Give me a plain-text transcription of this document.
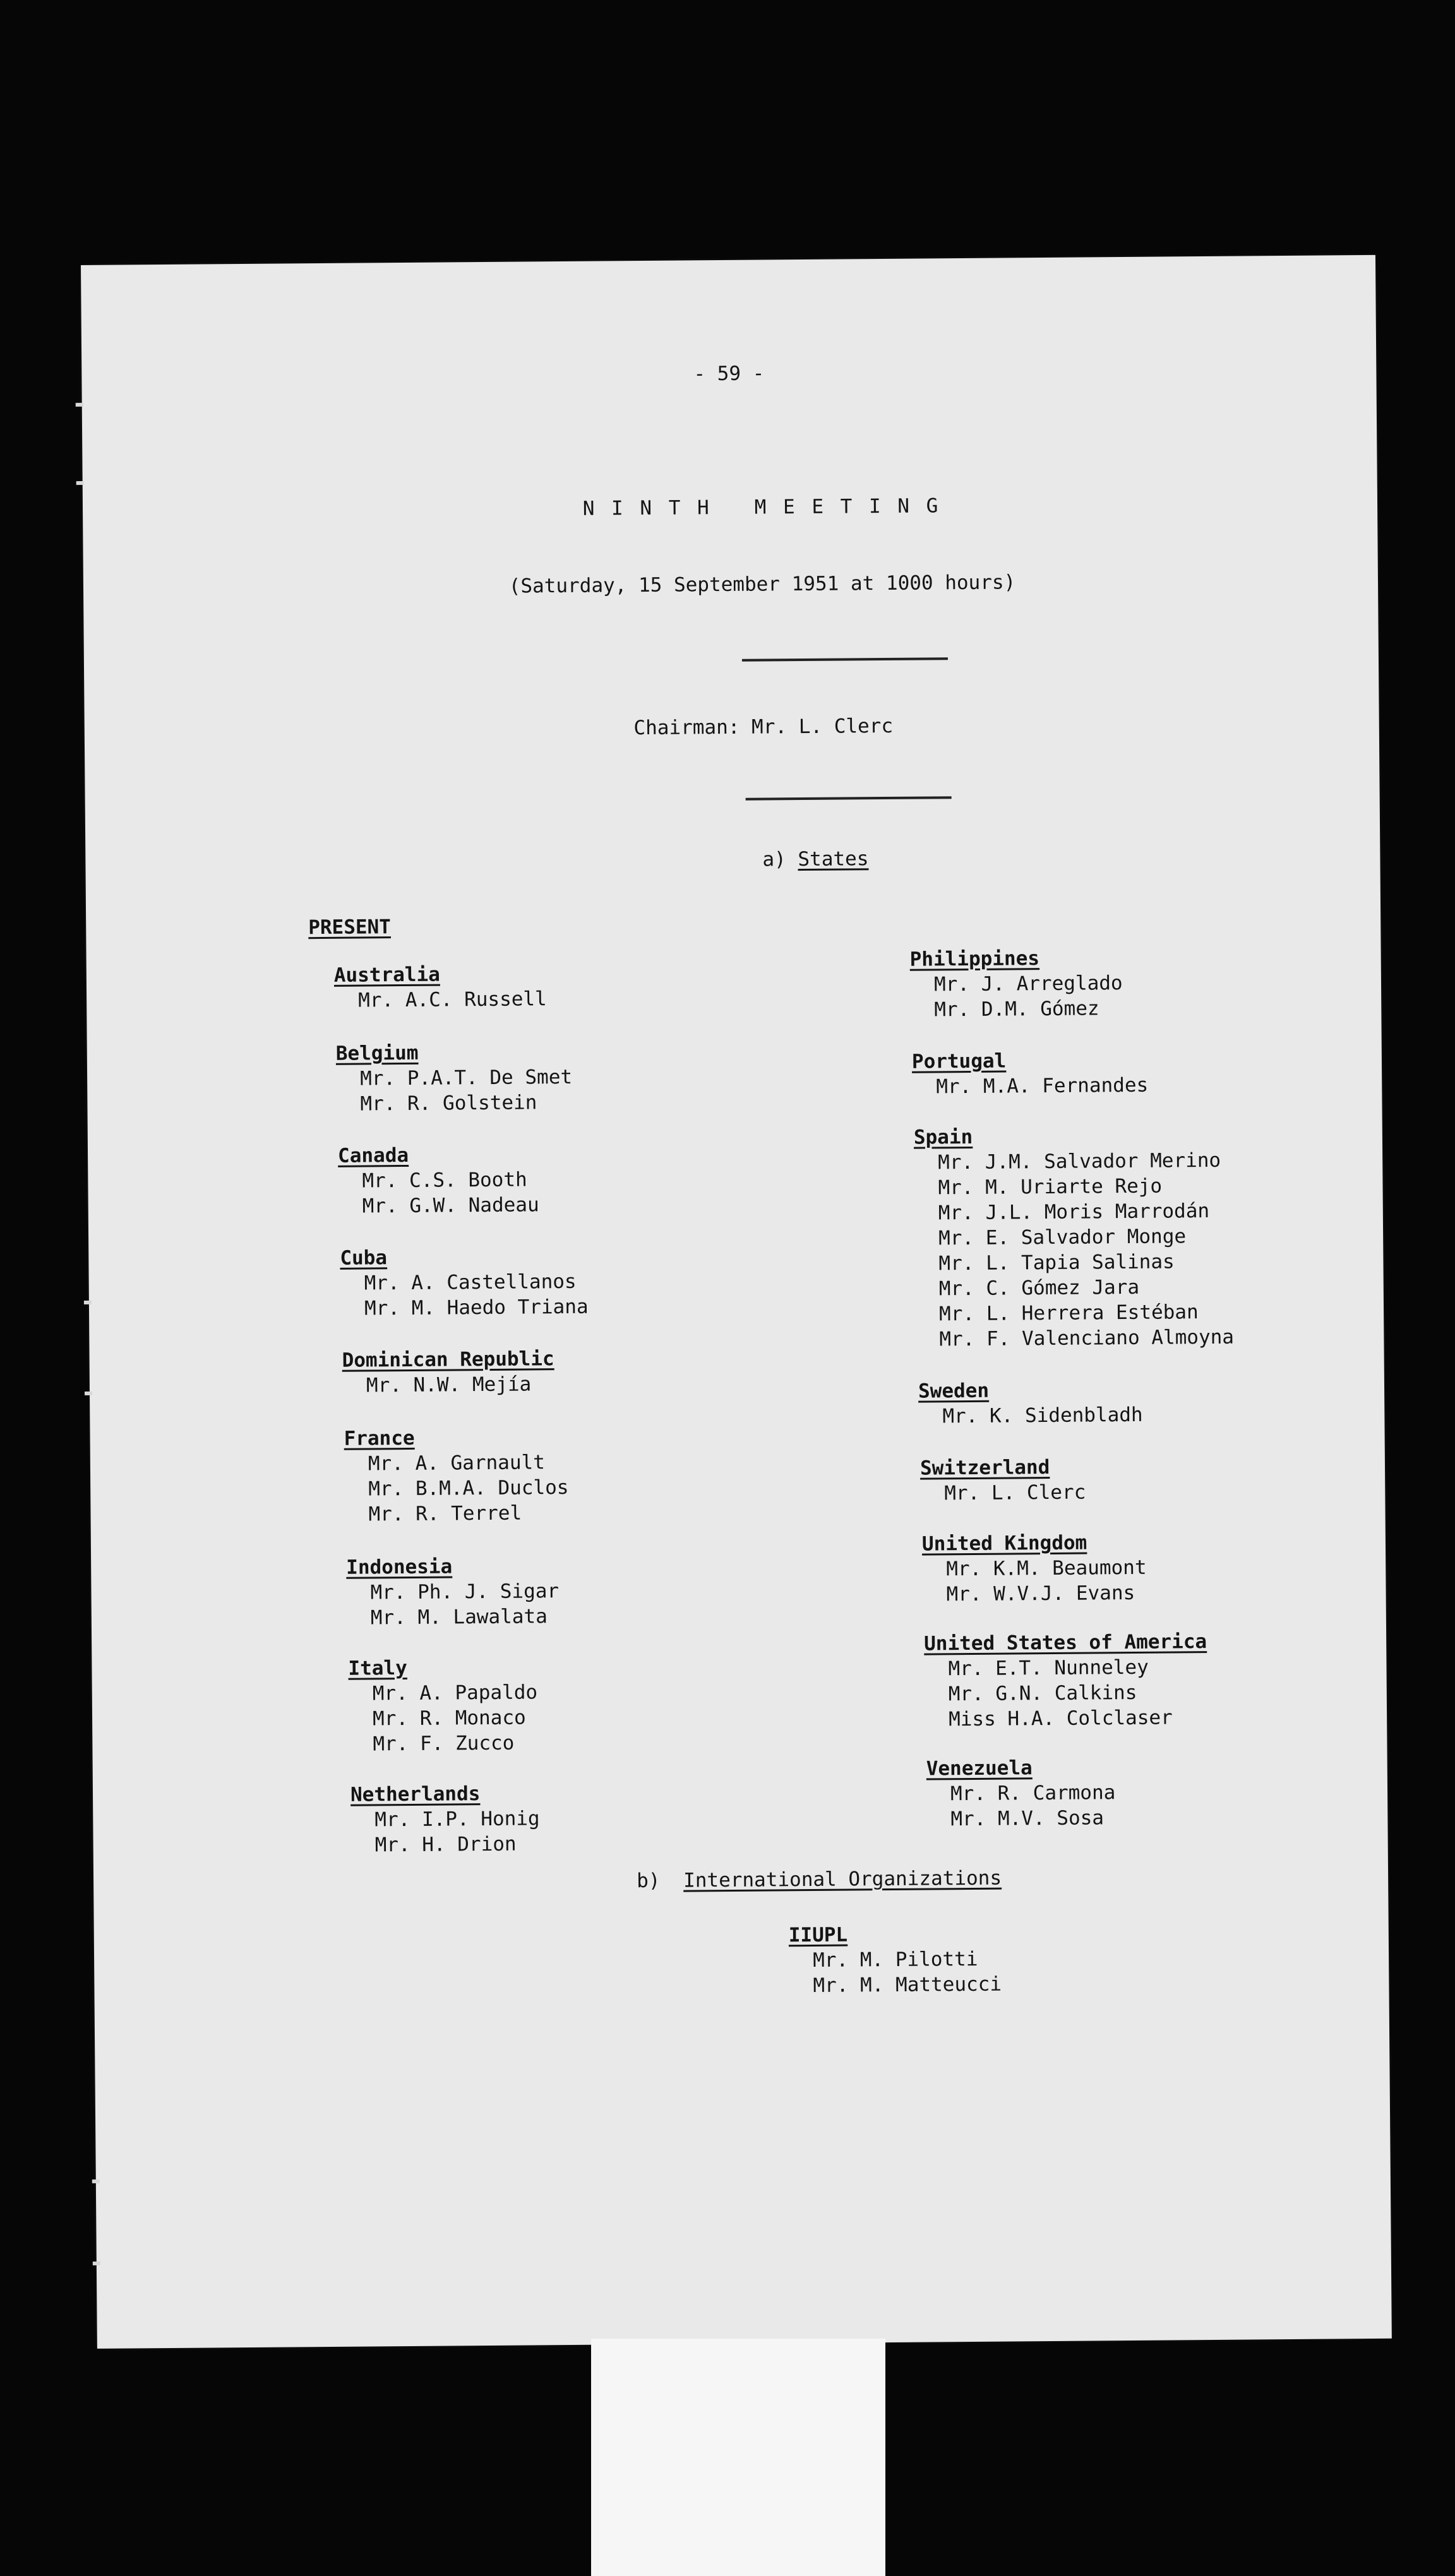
- 59 -
N I N T H   M E E T I N G
(Saturday, 15 September 1951 at 1000 hours)
Chairman: Mr. L. Clerc
a) States
PRESENT
Australia
Mr. A.C. Russell
Belgium
Mr. P.A.T. De Smet
Mr. R. Golstein
Canada
Mr. C.S. Booth
Mr. G.W. Nadeau
Cuba
Mr. A. Castellanos
Mr. M. Haedo Triana
Dominican Republic
Mr. N.W. Mejía
France
Mr. A. Garnault
Mr. B.M.A. Duclos
Mr. R. Terrel
Indonesia
Mr. Ph. J. Sigar
Mr. M. Lawalata
Italy
Mr. A. Papaldo
Mr. R. Monaco
Mr. F. Zucco
Netherlands
Mr. I.P. Honig
Mr. H. Drion
Philippines
Mr. J. Arreglado
Mr. D.M. Gómez
Portugal
Mr. M.A. Fernandes
Spain
Mr. J.M. Salvador Merino
Mr. M. Uriarte Rejo
Mr. J.L. Moris Marrodán
Mr. E. Salvador Monge
Mr. L. Tapia Salinas
Mr. C. Gómez Jara
Mr. L. Herrera Estéban
Mr. F. Valenciano Almoyna
Sweden
Mr. K. Sidenbladh
Switzerland
Mr. L. Clerc
United Kingdom
Mr. K.M. Beaumont
Mr. W.V.J. Evans
United States of America
Mr. E.T. Nunneley
Mr. G.N. Calkins
Miss H.A. Colclaser
Venezuela
Mr. R. Carmona
Mr. M.V. Sosa
b) International Organizations
IIUPL
Mr. M. Pilotti
Mr. M. Matteucci
